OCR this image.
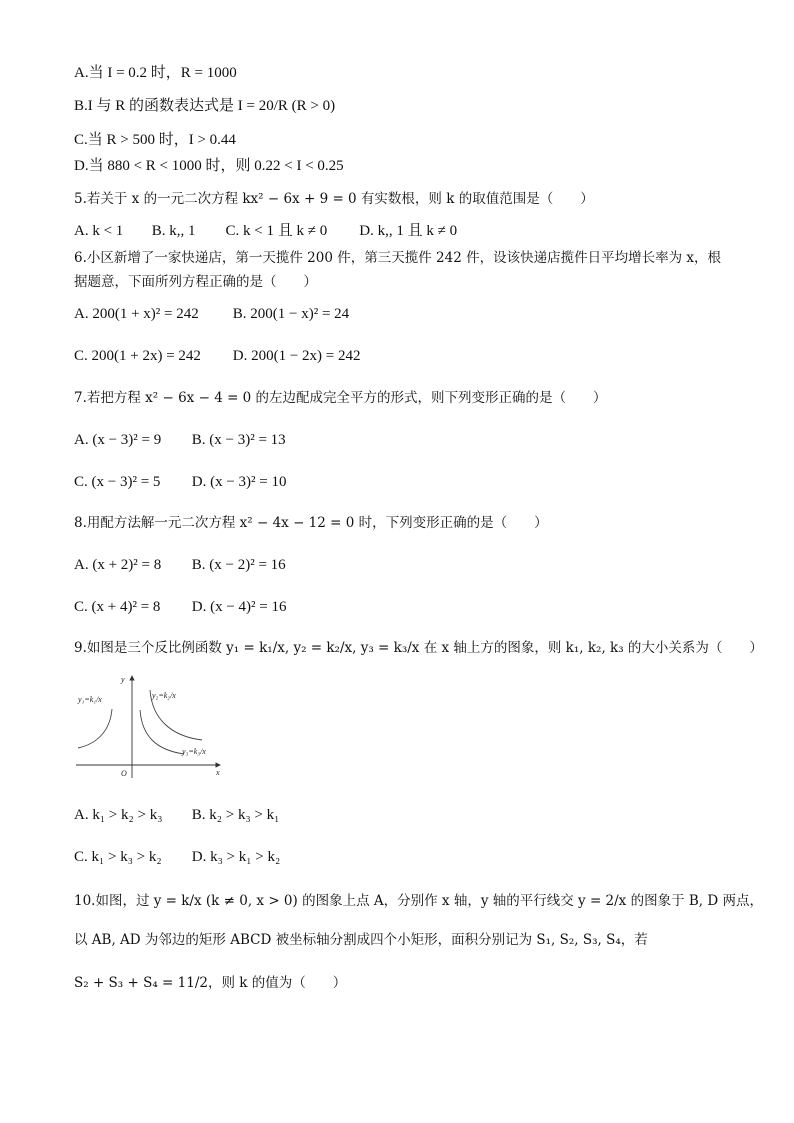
A.当 I = 0.2 时，R = 1000
B.I 与 R 的函数表达式是 I = 20/R (R > 0)
C.当 R > 500 时，I > 0.44
D.当 880 < R < 1000 时，则 0.22 < I < 0.25
5.若关于 x 的一元二次方程 kx² − 6x + 9 = 0 有实数根，则 k 的取值范围是（　　）
A. k < 1 B. k,, 1 C. k < 1 且 k ≠ 0 D. k,, 1 且 k ≠ 0
6.小区新增了一家快递店，第一天揽件 200 件，第三天揽件 242 件，设该快递店揽件日平均增长率为 x，根据题意，下面所列方程正确的是（　　）
A. 200(1 + x)² = 242 B. 200(1 − x)² = 24
C. 200(1 + 2x) = 242 D. 200(1 − 2x) = 242
7.若把方程 x² − 6x − 4 = 0 的左边配成完全平方的形式，则下列变形正确的是（　　）
A. (x − 3)² = 9 B. (x − 3)² = 13
C. (x − 3)² = 5 D. (x − 3)² = 10
8.用配方法解一元二次方程 x² − 4x − 12 = 0 时，下列变形正确的是（　　）
A. (x + 2)² = 8 B. (x − 2)² = 16
C. (x + 4)² = 8 D. (x − 4)² = 16
9.如图是三个反比例函数 y₁ = k₁/x, y₂ = k₂/x, y₃ = k₃/x 在 x 轴上方的图象，则 k₁, k₂, k₃ 的大小关系为（　　）
y₁=k₁/x	y₂=k₂/x
y₃=k₃/x
x
y
O
A. k₁ > k₂ > k₃ B. k₂ > k₃ > k₁
C. k₁ > k₃ > k₂ D. k₃ > k₁ > k₂
10.如图，过 y = k/x (k ≠ 0, x > 0) 的图象上点 A，分别作 x 轴，y 轴的平行线交 y = 2/x 的图象于 B, D 两点，
以 AB, AD 为邻边的矩形 ABCD 被坐标轴分割成四个小矩形，面积分别记为 S₁, S₂, S₃, S₄，若
S₂ + S₃ + S₄ = 11/2，则 k 的值为（　　）
